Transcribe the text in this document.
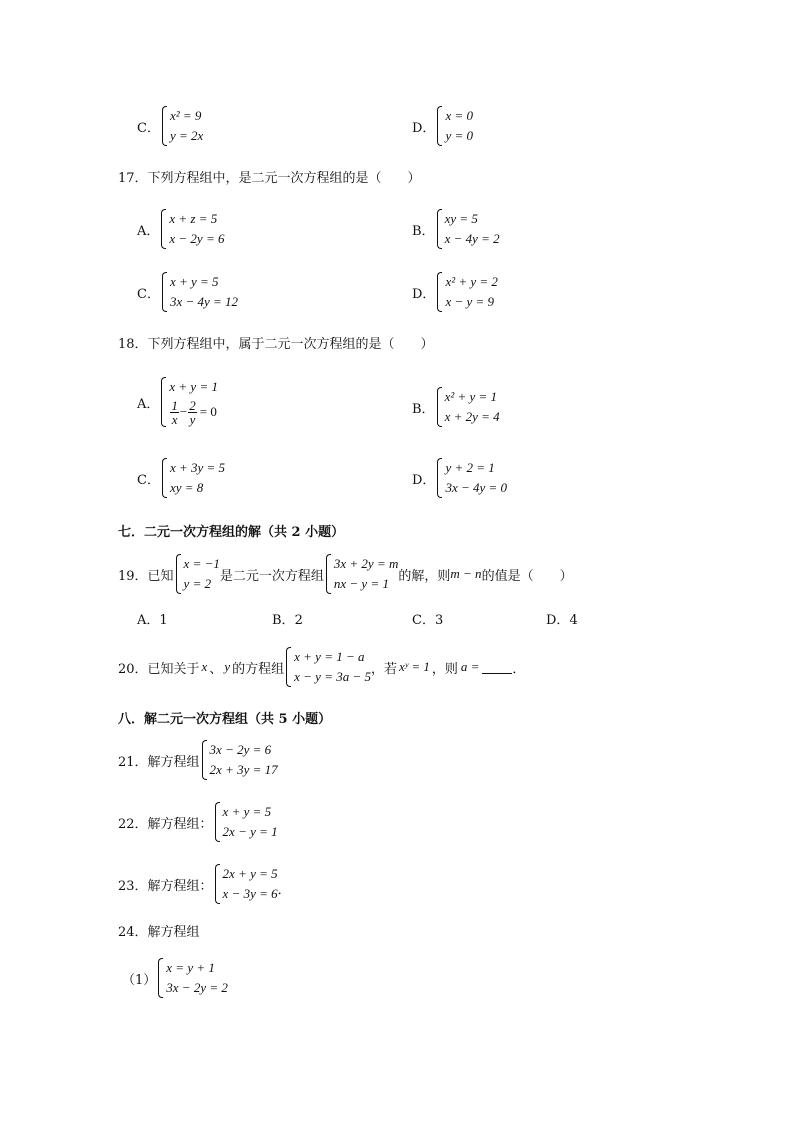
C．
x² = 9
y = 2x	D．
x = 0
y = 0
17．下列方程组中，是二元一次方程组的是（　　）
A．
x + z = 5
x − 2y = 6	B．
xy = 5
x − 4y = 2
C．
x + y = 5
3x − 4y = 12	D．
x² + y = 2
x − y = 9
18．下列方程组中，属于二元一次方程组的是（　　）
A．
x + y = 1
$\frac{1}{x} - \frac{2}{y} = 0$	B．
x² + y = 1
x + 2y = 4
C．
x + 3y = 5
xy = 8	D．
y + 2 = 1
3x − 4y = 0
七．二元一次方程组的解（共 2 小题）
19．已知
x = −1
y = 2 是二元一次方程组
3x + 2y = m
nx − y = 1 的解，则 m − n 的值是（　　）
A．1	B．2	C．3	D．4
20．已知关于 x 、 y 的方程组
x + y = 1 − a
x − y = 3a − 5 ，若 xʸ = 1 ，则 a =	．
八．解二元一次方程组（共 5 小题）
21．解方程组
3x − 2y = 6
2x + 3y = 17
22．解方程组：
x + y = 5
2x − y = 1
23．解方程组：
2x + y = 5
x − 3y = 6 ．
24．解方程组
（1）
x = y + 1
3x − 2y = 2
